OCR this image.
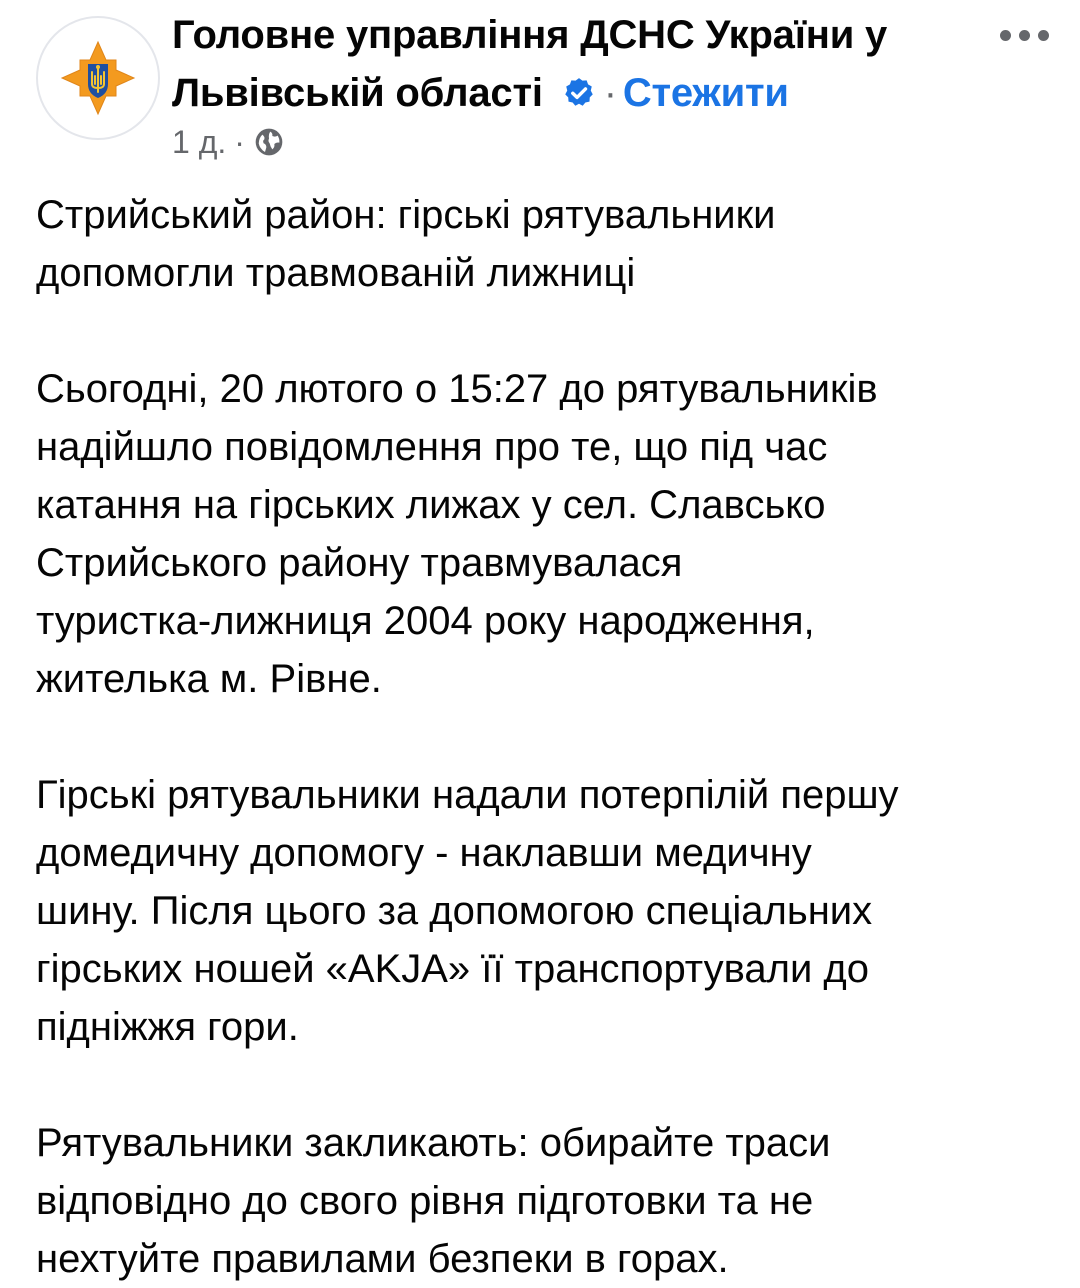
Головне управління ДСНС України у
Львівській області · Стежити
1 д. ·

Стрийський район: гірські рятувальники
допомогли травмованій лижниці

Сьогодні, 20 лютого о 15:27 до рятувальників
надійшло повідомлення про те, що під час
катання на гірських лижах у сел. Славсько
Стрийського району травмувалася
туристка-лижниця 2004 року народження,
жителька м. Рівне.

Гірські рятувальники надали потерпілій першу
домедичну допомогу - наклавши медичну
шину. Після цього за допомогою спеціальних
гірських ношей «AKJA» її транспортували до
підніжжя гори.

Рятувальники закликають: обирайте траси
відповідно до свого рівня підготовки та не
нехтуйте правилами безпеки в горах.
